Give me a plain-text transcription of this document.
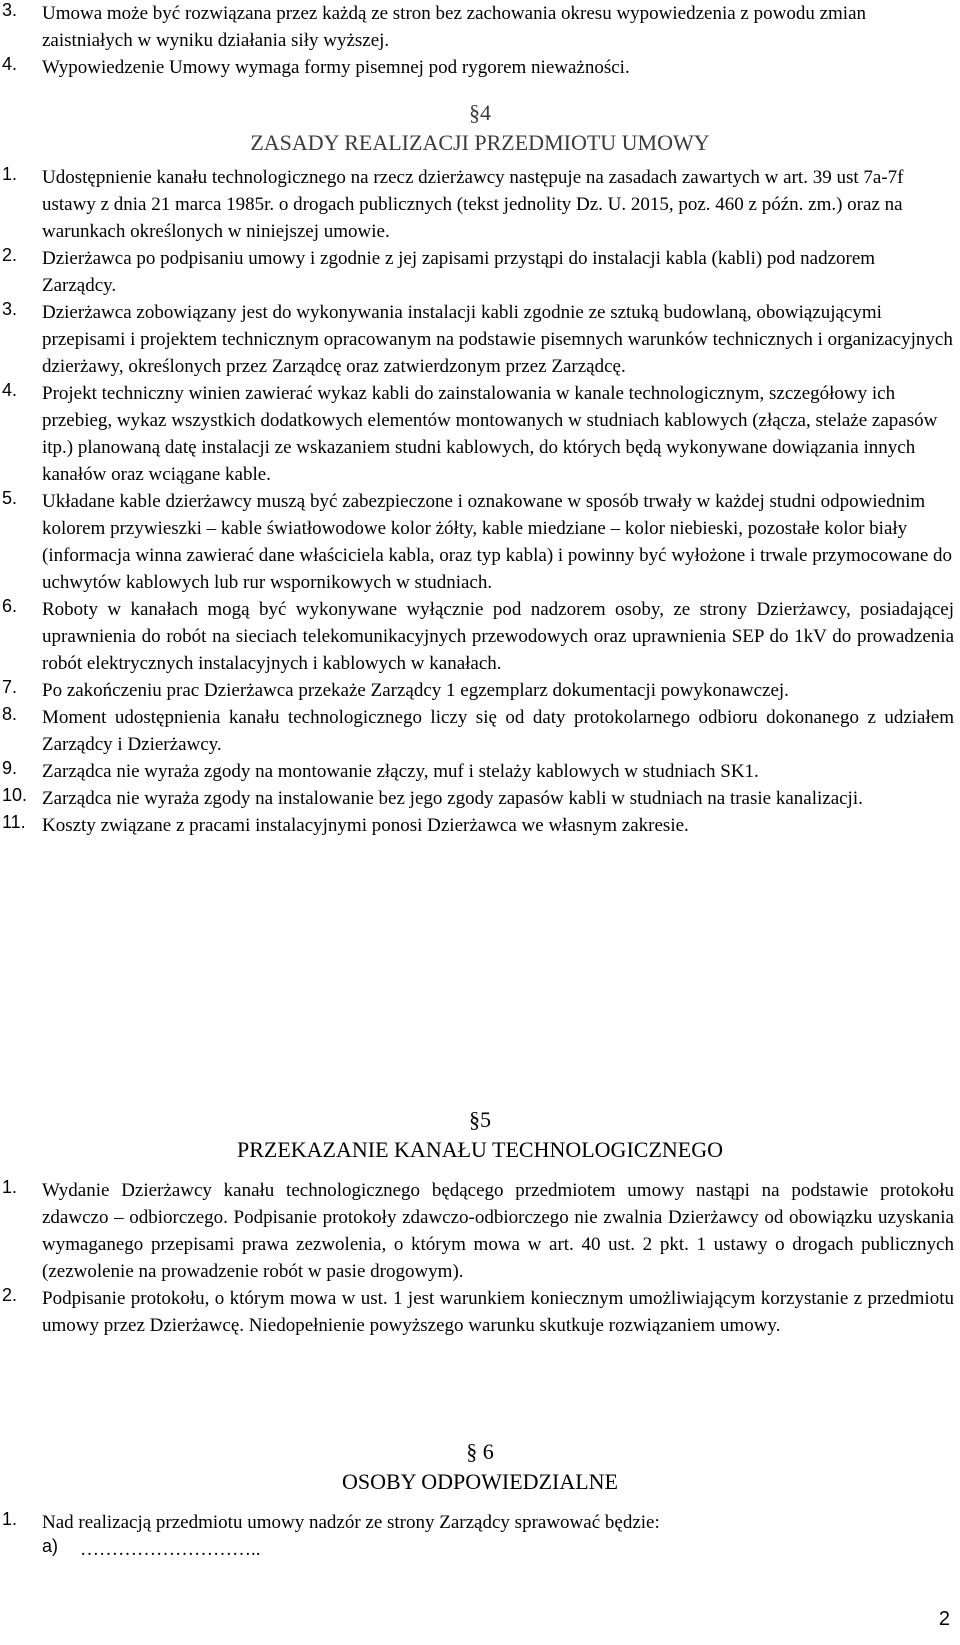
3. Umowa może być rozwiązana przez każdą ze stron bez zachowania okresu wypowiedzenia z powodu zmian zaistniałych w wyniku działania siły wyższej.
4. Wypowiedzenie Umowy wymaga formy pisemnej pod rygorem nieważności.
§4
ZASADY REALIZACJI PRZEDMIOTU UMOWY
1. Udostępnienie kanału technologicznego na rzecz dzierżawcy następuje na zasadach zawartych w art. 39 ust 7a-7f ustawy z dnia 21 marca 1985r. o drogach publicznych (tekst jednolity Dz. U. 2015, poz. 460 z późn. zm.) oraz na warunkach określonych w niniejszej umowie.
2. Dzierżawca po podpisaniu umowy i zgodnie z jej zapisami przystąpi do instalacji kabla (kabli) pod nadzorem Zarządcy.
3. Dzierżawca zobowiązany jest do wykonywania instalacji kabli zgodnie ze sztuką budowlaną, obowiązującymi przepisami i projektem technicznym opracowanym na podstawie pisemnych warunków technicznych i organizacyjnych dzierżawy, określonych przez Zarządcę oraz zatwierdzonym przez Zarządcę.
4. Projekt techniczny winien zawierać wykaz kabli do zainstalowania w kanale technologicznym, szczegółowy ich przebieg, wykaz wszystkich dodatkowych elementów montowanych w studniach kablowych (złącza, stelaże zapasów itp.) planowaną datę instalacji ze wskazaniem studni kablowych, do których będą wykonywane dowiązania innych kanałów oraz wciągane kable.
5. Układane kable dzierżawcy muszą być zabezpieczone i oznakowane w sposób trwały w każdej studni odpowiednim kolorem przywieszki – kable światłowodowe kolor żółty, kable miedziane – kolor niebieski, pozostałe kolor biały (informacja winna zawierać dane właściciela kabla, oraz typ kabla) i powinny być wyłożone i trwale przymocowane do uchwytów kablowych lub rur wspornikowych w studniach.
6. Roboty w kanałach mogą być wykonywane wyłącznie pod nadzorem osoby, ze strony Dzierżawcy, posiadającej uprawnienia do robót na sieciach telekomunikacyjnych przewodowych oraz uprawnienia SEP do 1kV do prowadzenia robót elektrycznych instalacyjnych i kablowych w kanałach.
7. Po zakończeniu prac Dzierżawca przekaże Zarządcy 1 egzemplarz dokumentacji powykonawczej.
8. Moment udostępnienia kanału technologicznego liczy się od daty protokolarnego odbioru dokonanego z udziałem Zarządcy i Dzierżawcy.
9. Zarządca nie wyraża zgody na montowanie złączy, muf i stelaży kablowych w studniach SK1.
10. Zarządca nie wyraża zgody na instalowanie bez jego zgody zapasów kabli w studniach na trasie kanalizacji.
11. Koszty związane z pracami instalacyjnymi ponosi Dzierżawca we własnym zakresie.
§5
PRZEKAZANIE KANAŁU TECHNOLOGICZNEGO
1. Wydanie Dzierżawcy kanału technologicznego będącego przedmiotem umowy nastąpi na podstawie protokołu zdawczo – odbiorczego. Podpisanie protokoły zdawczo-odbiorczego nie zwalnia Dzierżawcy od obowiązku uzyskania wymaganego przepisami prawa zezwolenia, o którym mowa w art. 40 ust. 2 pkt. 1 ustawy o drogach publicznych (zezwolenie na prowadzenie robót w pasie drogowym).
2. Podpisanie protokołu, o którym mowa w ust. 1 jest warunkiem koniecznym umożliwiającym korzystanie z przedmiotu umowy przez Dzierżawcę. Niedopełnienie powyższego warunku skutkuje rozwiązaniem umowy.
§ 6
OSOBY ODPOWIEDZIALNE
1. Nad realizacją przedmiotu umowy nadzór ze strony Zarządcy sprawować będzie:
a) ………………………..
2
